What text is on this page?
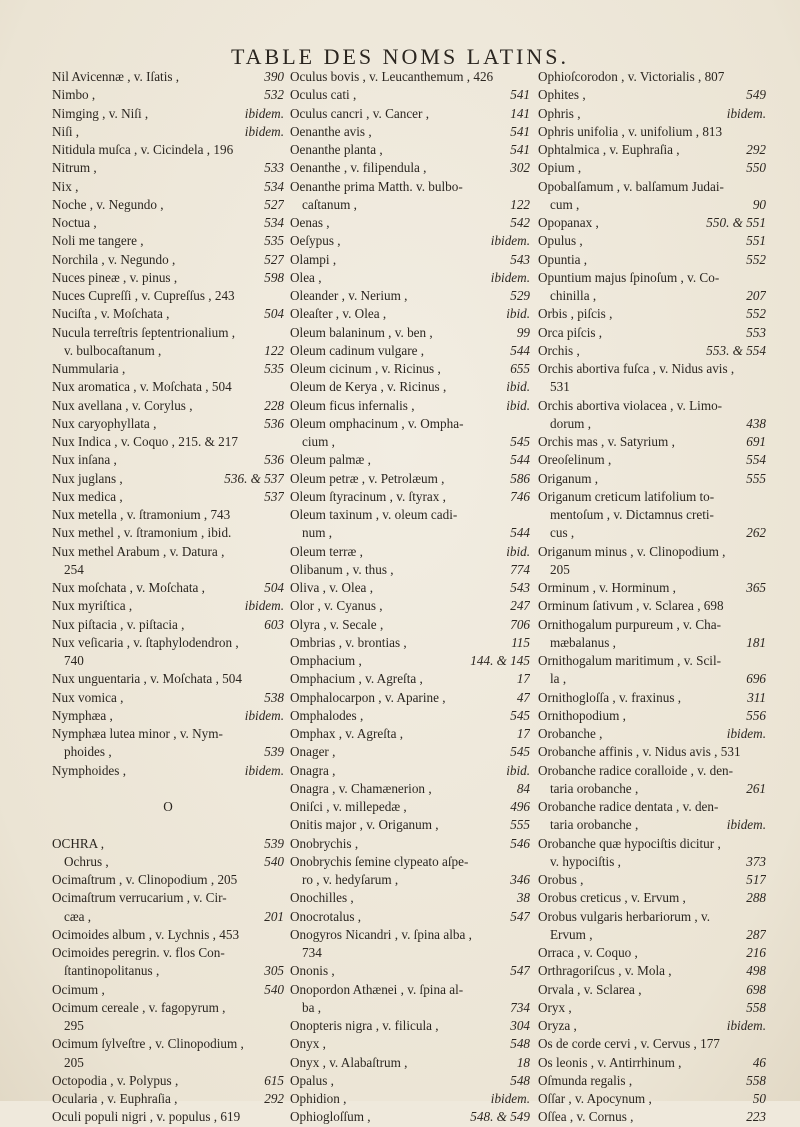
TABLE DES NOMS LATINS.
Nil Avicennæ , v. Iſatis ,	390
Nimbo ,	532
Nimging , v. Niſi ,	ibidem.
Niſi ,	ibidem.
Nitidula muſca , v. Cicindela , 196
Nitrum ,	533
Nix ,	534
Noche , v. Negundo ,	527
Noctua ,	534
Noli me tangere ,	535
Norchila , v. Negundo ,	527
Nuces pineæ , v. pinus ,	598
Nuces Cupreſſi , v. Cupreſſus , 243
Nuciſta , v. Moſchata ,	504
Nucula terreſtris ſeptentrionalium ,
v. bulbocaſtanum ,	122
Nummularia ,	535
Nux aromatica , v. Moſchata , 504
Nux avellana , v. Corylus ,	228
Nux caryophyllata ,	536
Nux Indica , v. Coquo , 215. & 217
Nux inſana ,	536
Nux juglans ,	536. & 537
Nux medica ,	537
Nux metella , v. ſtramonium , 743
Nux methel , v. ſtramonium , ibid.
Nux methel Arabum , v. Datura ,
254
Nux moſchata , v. Moſchata ,	504
Nux myriſtica ,	ibidem.
Nux piſtacia , v. piſtacia ,	603
Nux veſicaria , v. ſtaphylodendron ,
740
Nux unguentaria , v. Moſchata , 504
Nux vomica ,	538
Nymphæa ,	ibidem.
Nymphæa lutea minor , v. Nym-
phoides ,	539
Nymphoides ,	ibidem.
O
OCHRA ,	539
Ochrus ,	540
Ocimaſtrum , v. Clinopodium , 205
Ocimaſtrum verrucarium , v. Cir-
cæa ,	201
Ocimoides album , v. Lychnis , 453
Ocimoides peregrin. v. flos Con-
ſtantinopolitanus ,	305
Ocimum ,	540
Ocimum cereale , v. fagopyrum ,
295
Ocimum ſylveſtre , v. Clinopodium ,
205
Octopodia , v. Polypus ,	615
Ocularia , v. Euphraſia ,	292
Oculi populi nigri , v. populus , 619
Oculus bovis , v. Leucanthemum , 426
Oculus cati ,	541
Oculus cancri , v. Cancer ,	141
Oenanthe avis ,	541
Oenanthe planta ,	541
Oenanthe , v. filipendula ,	302
Oenanthe prima Matth. v. bulbo-
caſtanum ,	122
Oenas ,	542
Oeſypus ,	ibidem.
Olampi ,	543
Olea ,	ibidem.
Oleander , v. Nerium ,	529
Oleaſter , v. Olea ,	ibid.
Oleum balaninum , v. ben ,	99
Oleum cadinum vulgare ,	544
Oleum cicinum , v. Ricinus ,	655
Oleum de Kerya , v. Ricinus ,	ibid.
Oleum ficus infernalis ,	ibid.
Oleum omphacinum , v. Ompha-
cium ,	545
Oleum palmæ ,	544
Oleum petræ , v. Petrolæum ,	586
Oleum ſtyracinum , v. ſtyrax ,	746
Oleum taxinum , v. oleum cadi-
num ,	544
Oleum terræ ,	ibid.
Olibanum , v. thus ,	774
Oliva , v. Olea ,	543
Olor , v. Cyanus ,	247
Olyra , v. Secale ,	706
Ombrias , v. brontias ,	115
Omphacium ,	144. & 145
Omphacium , v. Agreſta ,	17
Omphalocarpon , v. Aparine ,	47
Omphalodes ,	545
Omphax , v. Agreſta ,	17
Onager ,	545
Onagra ,	ibid.
Onagra , v. Chamænerion ,	84
Oniſci , v. millepedæ ,	496
Onitis major , v. Origanum ,	555
Onobrychis ,	546
Onobrychis ſemine clypeato aſpe-
ro , v. hedyſarum ,	346
Onochilles ,	38
Onocrotalus ,	547
Onogyros Nicandri , v. ſpina alba ,
734
Ononis ,	547
Onopordon Athænei , v. ſpina al-
ba ,	734
Onopteris nigra , v. filicula ,	304
Onyx ,	548
Onyx , v. Alabaſtrum ,	18
Opalus ,	548
Ophidion ,	ibidem.
Ophiogloſſum ,	548. & 549
Ophioſcorodon , v. Victorialis , 807
Ophites ,	549
Ophris ,	ibidem.
Ophris unifolia , v. unifolium , 813
Ophtalmica , v. Euphraſia ,	292
Opium ,	550
Opobalſamum , v. balſamum Judai-
cum ,	90
Opopanax ,	550. & 551
Opulus ,	551
Opuntia ,	552
Opuntium majus ſpinoſum , v. Co-
chinilla ,	207
Orbis , piſcis ,	552
Orca piſcis ,	553
Orchis ,	553. & 554
Orchis abortiva fuſca , v. Nidus avis ,
531
Orchis abortiva violacea , v. Limo-
dorum ,	438
Orchis mas , v. Satyrium ,	691
Oreoſelinum ,	554
Origanum ,	555
Origanum creticum latifolium to-
mentoſum , v. Dictamnus creti-
cus ,	262
Origanum minus , v. Clinopodium ,
205
Orminum , v. Horminum ,	365
Orminum ſativum , v. Sclarea , 698
Ornithogalum purpureum , v. Cha-
mæbalanus ,	181
Ornithogalum maritimum , v. Scil-
la ,	696
Ornithogloſſa , v. fraxinus ,	311
Ornithopodium ,	556
Orobanche ,	ibidem.
Orobanche affinis , v. Nidus avis , 531
Orobanche radice coralloide , v. den-
taria orobanche ,	261
Orobanche radice dentata , v. den-
taria orobanche ,	ibidem.
Orobanche quæ hypociſtis dicitur ,
v. hypociſtis ,	373
Orobus ,	517
Orobus creticus , v. Ervum ,	288
Orobus vulgaris herbariorum , v.
Ervum ,	287
Orraca , v. Coquo ,	216
Orthragoriſcus , v. Mola ,	498
Orvala , v. Sclarea ,	698
Oryx ,	558
Oryza ,	ibidem.
Os de corde cervi , v. Cervus , 177
Os leonis , v. Antirrhinum ,	46
Oſmunda regalis ,	558
Oſſar , v. Apocynum ,	50
Oſſea , v. Cornus ,	223
